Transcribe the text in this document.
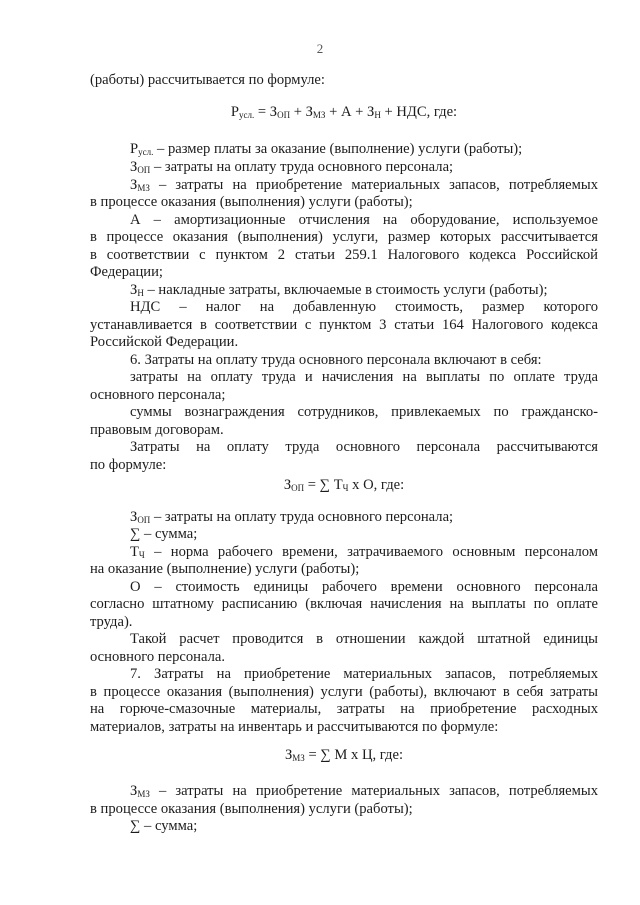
2
(работы) рассчитывается по формуле:
$Р_{усл.} = З_{ОП} + З_{МЗ} + А + З_Н$ + НДС, где:
$Р_{усл.}$ – размер платы за оказание (выполнение) услуги (работы);
$З_{ОП}$ – затраты на оплату труда основного персонала;
$З_{МЗ}$ – затраты на приобретение материальных запасов, потребляемых
в процессе оказания (выполнения) услуги (работы);
А – амортизационные отчисления на оборудование, используемое
в процессе оказания (выполнения) услуги, размер которых рассчитывается
в соответствии с пунктом 2 статьи 259.1 Налогового кодекса Российской
Федерации;
$З_Н$ – накладные затраты, включаемые в стоимость услуги (работы);
НДС – налог на добавленную стоимость, размер которого
устанавливается в соответствии с пунктом 3 статьи 164 Налогового кодекса
Российской Федерации.
6. Затраты на оплату труда основного персонала включают в себя:
затраты на оплату труда и начисления на выплаты по оплате труда
основного персонала;
суммы вознаграждения сотрудников, привлекаемых по гражданско-
правовым договорам.
Затраты на оплату труда основного персонала рассчитываются
по формуле:
$З_{ОП}$ = ∑ $Т_Ч$ х О, где:
$З_{ОП}$ – затраты на оплату труда основного персонала;
∑ – сумма;
$Т_Ч$ – норма рабочего времени, затрачиваемого основным персоналом
на оказание (выполнение) услуги (работы);
О – стоимость единицы рабочего времени основного персонала
согласно штатному расписанию (включая начисления на выплаты по оплате
труда).
Такой расчет проводится в отношении каждой штатной единицы
основного персонала.
7. Затраты на приобретение материальных запасов, потребляемых
в процессе оказания (выполнения) услуги (работы), включают в себя затраты
на горюче-смазочные материалы, затраты на приобретение расходных
материалов, затраты на инвентарь и рассчитываются по формуле:
$З_{МЗ}$ = ∑ М х Ц, где:
$З_{МЗ}$ – затраты на приобретение материальных запасов, потребляемых
в процессе оказания (выполнения) услуги (работы);
∑ – сумма;
